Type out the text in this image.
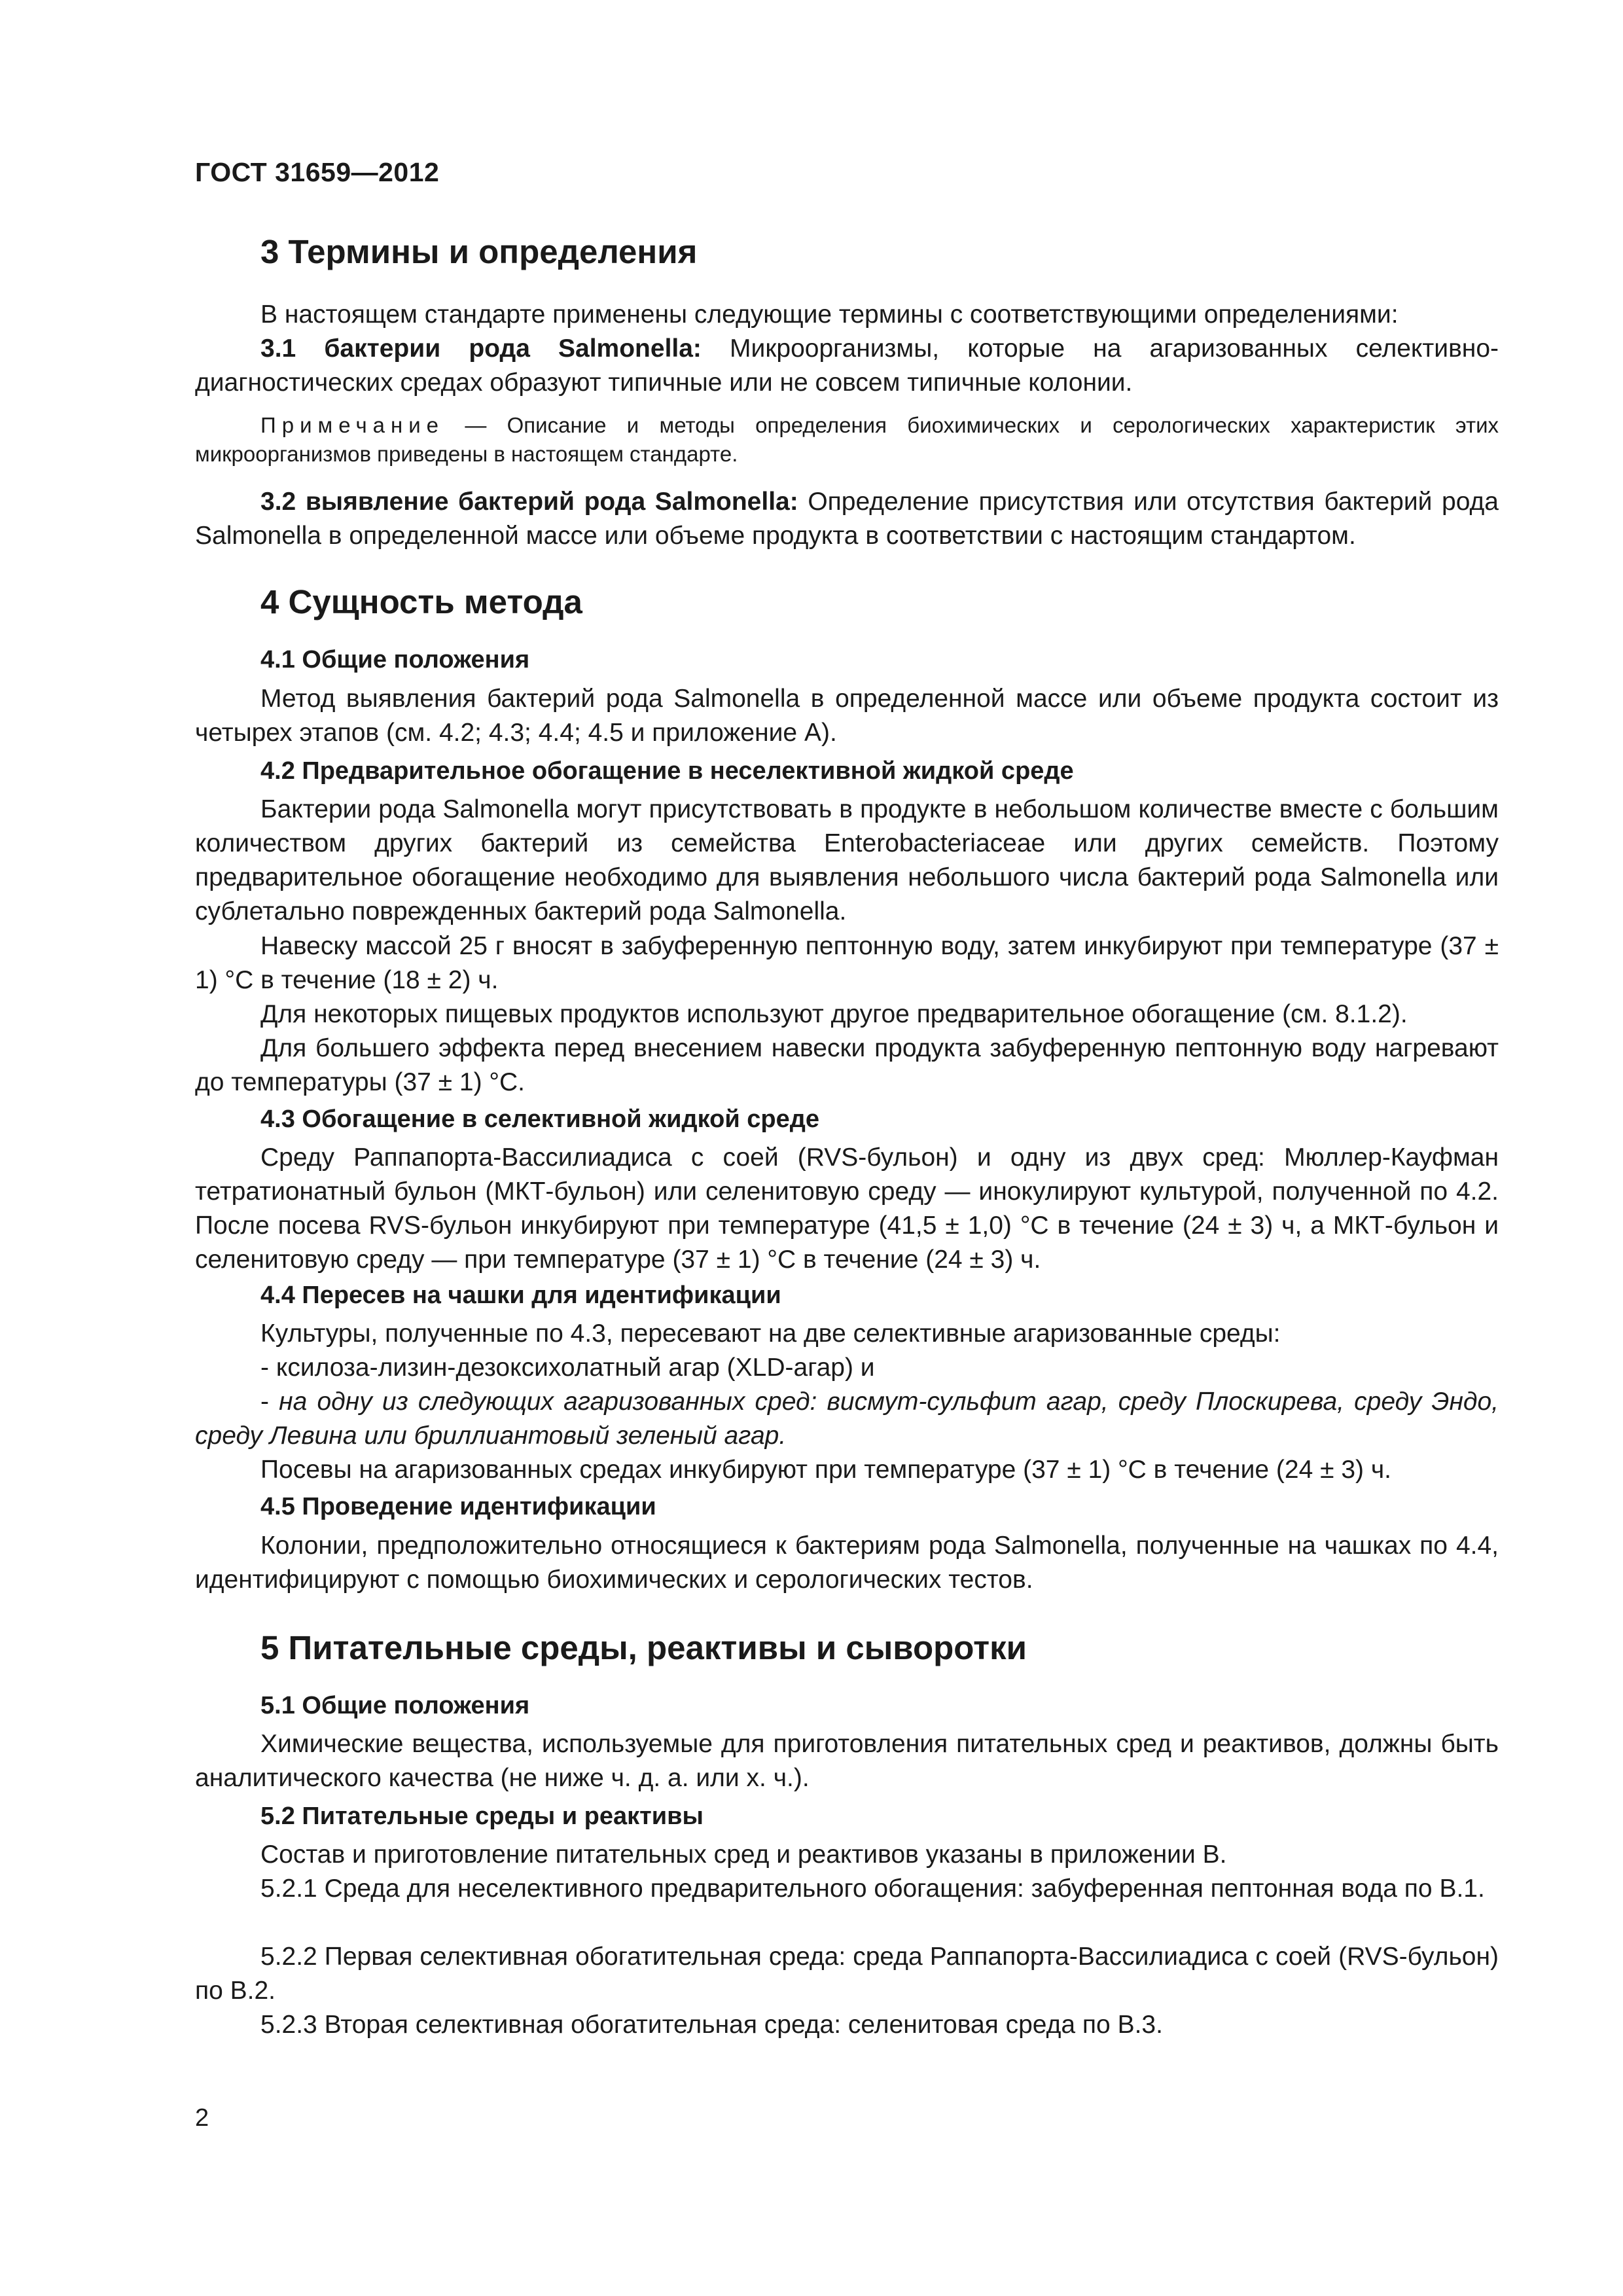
ГОСТ 31659—2012
3 Термины и определения
В настоящем стандарте применены следующие термины с соответствующими определениями:
3.1 бактерии рода Salmonella: Микроорганизмы, которые на агаризованных селективно-диагностических средах образуют типичные или не совсем типичные колонии.
Примечание — Описание и методы определения биохимических и серологических характеристик этих микроорганизмов приведены в настоящем стандарте.
3.2 выявление бактерий рода Salmonella: Определение присутствия или отсутствия бактерий рода Salmonella в определенной массе или объеме продукта в соответствии с настоящим стандартом.
4 Сущность метода
4.1 Общие положения
Метод выявления бактерий рода Salmonella в определенной массе или объеме продукта состоит из четырех этапов (см. 4.2; 4.3; 4.4; 4.5 и приложение А).
4.2 Предварительное обогащение в неселективной жидкой среде
Бактерии рода Salmonella могут присутствовать в продукте в небольшом количестве вместе с большим количеством других бактерий из семейства Enterobacteriaceae или других семейств. Поэтому предварительное обогащение необходимо для выявления небольшого числа бактерий рода Salmonella или сублетально поврежденных бактерий рода Salmonella.
Навеску массой 25 г вносят в забуференную пептонную воду, затем инкубируют при температуре (37 ± 1) °С в течение (18 ± 2) ч.
Для некоторых пищевых продуктов используют другое предварительное обогащение (см. 8.1.2).
Для большего эффекта перед внесением навески продукта забуференную пептонную воду нагревают до температуры (37 ± 1) °С.
4.3 Обогащение в селективной жидкой среде
Среду Раппапорта-Вассилиадиса с соей (RVS-бульон) и одну из двух сред: Мюллер-Кауфман тетратионатный бульон (МКТ-бульон) или селенитовую среду — инокулируют культурой, полученной по 4.2. После посева RVS-бульон инкубируют при температуре (41,5 ± 1,0) °С в течение (24 ± 3) ч, а МКТ-бульон и селенитовую среду — при температуре (37 ± 1) °С в течение (24 ± 3) ч.
4.4 Пересев на чашки для идентификации
Культуры, полученные по 4.3, пересевают на две селективные агаризованные среды:
- ксилоза-лизин-дезоксихолатный агар (XLD-агар) и
- на одну из следующих агаризованных сред: висмут-сульфит агар, среду Плоскирева, среду Эндо, среду Левина или бриллиантовый зеленый агар.
Посевы на агаризованных средах инкубируют при температуре (37 ± 1) °С в течение (24 ± 3) ч.
4.5 Проведение идентификации
Колонии, предположительно относящиеся к бактериям рода Salmonella, полученные на чашках по 4.4, идентифицируют с помощью биохимических и серологических тестов.
5 Питательные среды, реактивы и сыворотки
5.1 Общие положения
Химические вещества, используемые для приготовления питательных сред и реактивов, должны быть аналитического качества (не ниже ч. д. а. или х. ч.).
5.2 Питательные среды и реактивы
Состав и приготовление питательных сред и реактивов указаны в приложении В.
5.2.1 Среда для неселективного предварительного обогащения: забуференная пептонная вода по В.1.
5.2.2 Первая селективная обогатительная среда: среда Раппапорта-Вассилиадиса с соей (RVS-бульон) по В.2.
5.2.3 Вторая селективная обогатительная среда: селенитовая среда по В.3.
2
